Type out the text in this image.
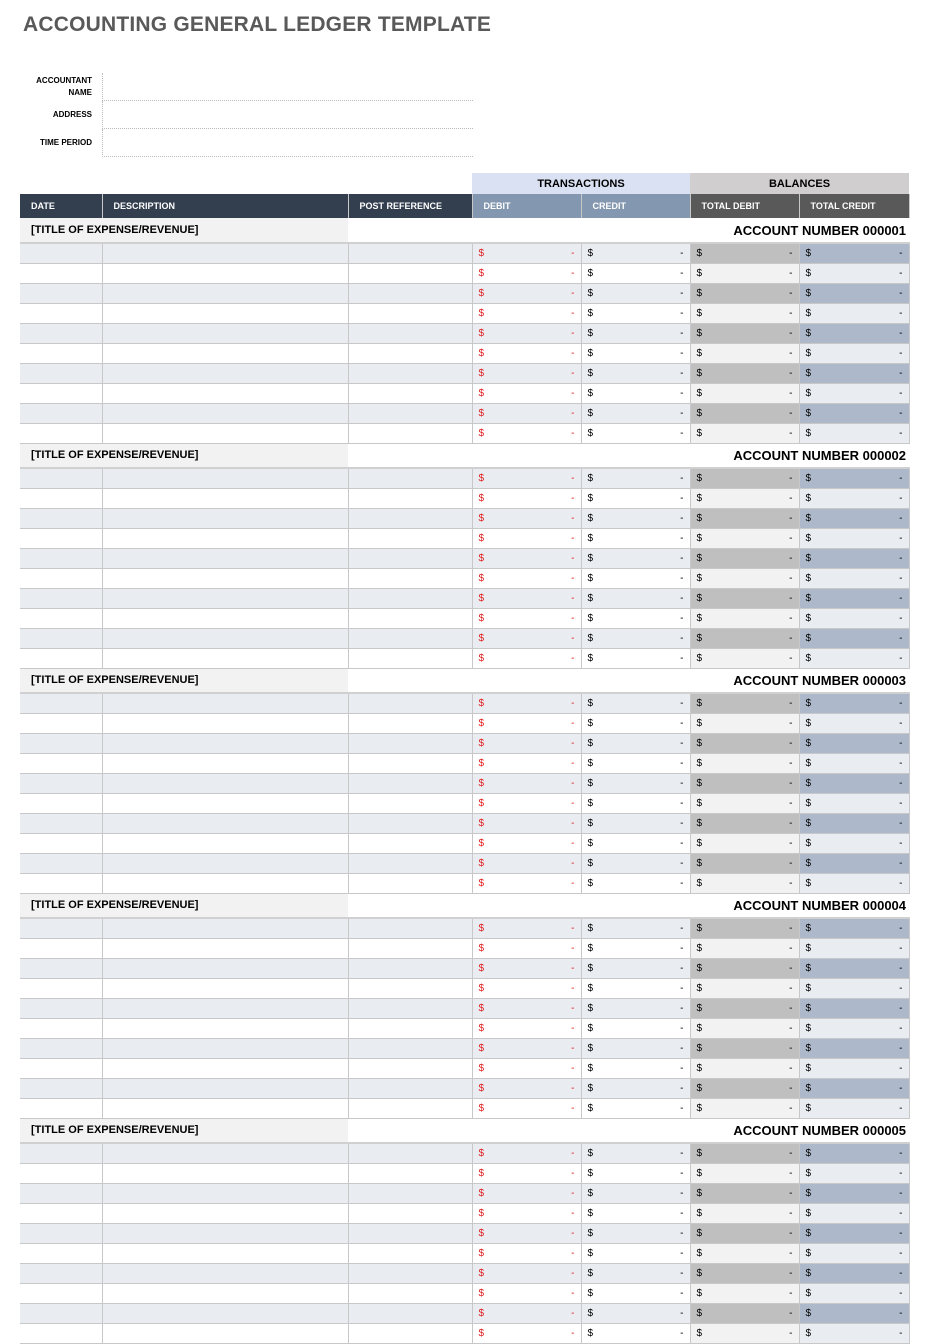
ACCOUNTING GENERAL LEDGER TEMPLATE
ACCOUNTANT NAME
ADDRESS
TIME PERIOD
			TRANSACTIONS		BALANCES	
DATE	DESCRIPTION	POST REFERENCE	DEBIT	CREDIT	TOTAL DEBIT	TOTAL CREDIT
[TITLE OF EXPENSE/REVENUE]		ACCOUNT NUMBER 000001				

			$ -	$ -	$ -	$ -

			$ -	$ -	$ -	$ -

			$ -	$ -	$ -	$ -

			$ -	$ -	$ -	$ -

			$ -	$ -	$ -	$ -

			$ -	$ -	$ -	$ -

			$ -	$ -	$ -	$ -

			$ -	$ -	$ -	$ -

			$ -	$ -	$ -	$ -

			$ -	$ -	$ -	$ -

[TITLE OF EXPENSE/REVENUE]		ACCOUNT NUMBER 000002				

			$ -	$ -	$ -	$ -

			$ -	$ -	$ -	$ -

			$ -	$ -	$ -	$ -

			$ -	$ -	$ -	$ -

			$ -	$ -	$ -	$ -

			$ -	$ -	$ -	$ -

			$ -	$ -	$ -	$ -

			$ -	$ -	$ -	$ -

			$ -	$ -	$ -	$ -

			$ -	$ -	$ -	$ -

[TITLE OF EXPENSE/REVENUE]		ACCOUNT NUMBER 000003				

			$ -	$ -	$ -	$ -

			$ -	$ -	$ -	$ -

			$ -	$ -	$ -	$ -

			$ -	$ -	$ -	$ -

			$ -	$ -	$ -	$ -

			$ -	$ -	$ -	$ -

			$ -	$ -	$ -	$ -

			$ -	$ -	$ -	$ -

			$ -	$ -	$ -	$ -

			$ -	$ -	$ -	$ -

[TITLE OF EXPENSE/REVENUE]		ACCOUNT NUMBER 000004				

			$ -	$ -	$ -	$ -

			$ -	$ -	$ -	$ -

			$ -	$ -	$ -	$ -

			$ -	$ -	$ -	$ -

			$ -	$ -	$ -	$ -

			$ -	$ -	$ -	$ -

			$ -	$ -	$ -	$ -

			$ -	$ -	$ -	$ -

			$ -	$ -	$ -	$ -

			$ -	$ -	$ -	$ -

[TITLE OF EXPENSE/REVENUE]		ACCOUNT NUMBER 000005				

			$ -	$ -	$ -	$ -

			$ -	$ -	$ -	$ -

			$ -	$ -	$ -	$ -

			$ -	$ -	$ -	$ -

			$ -	$ -	$ -	$ -

			$ -	$ -	$ -	$ -

			$ -	$ -	$ -	$ -

			$ -	$ -	$ -	$ -

			$ -	$ -	$ -	$ -

			$ -	$ -	$ -	$ -
